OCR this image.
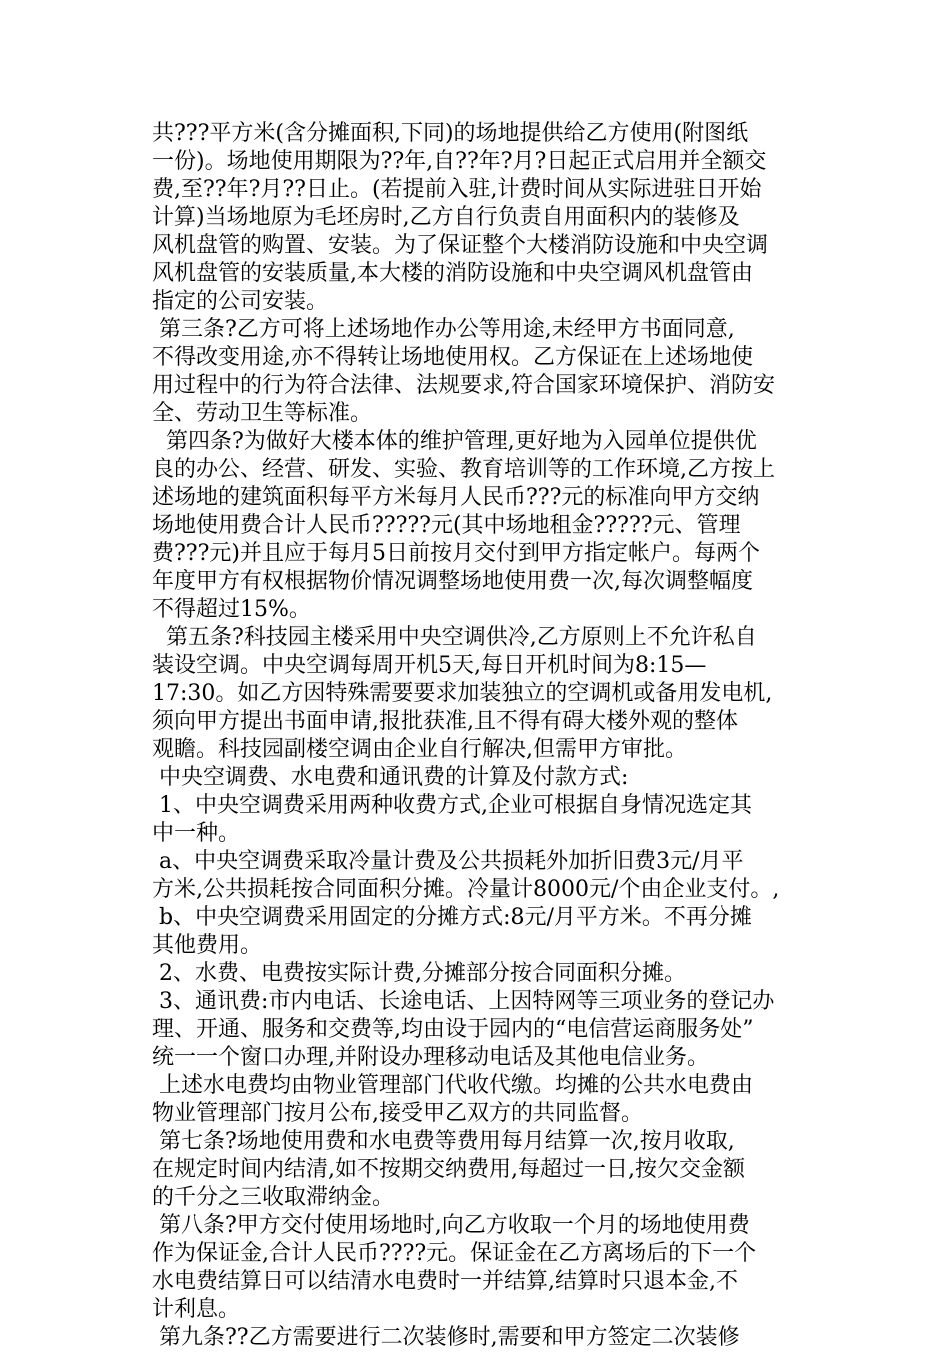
共???平方米(含分摊面积,下同)的场地提供给乙方使用(附图纸
一份)。场地使用期限为??年,自??年?月?日起正式启用并全额交
费,至??年?月??日止。(若提前入驻,计费时间从实际进驻日开始
计算)当场地原为毛坯房时,乙方自行负责自用面积内的装修及
风机盘管的购置、安装。为了保证整个大楼消防设施和中央空调
风机盘管的安装质量,本大楼的消防设施和中央空调风机盘管由
指定的公司安装。
第三条?乙方可将上述场地作办公等用途,未经甲方书面同意,
不得改变用途,亦不得转让场地使用权。乙方保证在上述场地使
用过程中的行为符合法律、法规要求,符合国家环境保护、消防安
全、劳动卫生等标准。
第四条?为做好大楼本体的维护管理,更好地为入园单位提供优
良的办公、经营、研发、实验、教育培训等的工作环境,乙方按上
述场地的建筑面积每平方米每月人民币???元的标准向甲方交纳
场地使用费合计人民币?????元(其中场地租金?????元、管理
费???元)并且应于每月5日前按月交付到甲方指定帐户。每两个
年度甲方有权根据物价情况调整场地使用费一次,每次调整幅度
不得超过15%。
第五条?科技园主楼采用中央空调供冷,乙方原则上不允许私自
装设空调。中央空调每周开机5天,每日开机时间为8:15—
17:30。如乙方因特殊需要要求加装独立的空调机或备用发电机,
须向甲方提出书面申请,报批获准,且不得有碍大楼外观的整体
观瞻。科技园副楼空调由企业自行解决,但需甲方审批。
中央空调费、水电费和通讯费的计算及付款方式:
1、中央空调费采用两种收费方式,企业可根据自身情况选定其
中一种。
a、中央空调费采取冷量计费及公共损耗外加折旧费3元/月平
方米,公共损耗按合同面积分摊。冷量计8000元/个由企业支付。,
b、中央空调费采用固定的分摊方式:8元/月平方米。不再分摊
其他费用。
2、水费、电费按实际计费,分摊部分按合同面积分摊。
3、通讯费:市内电话、长途电话、上因特网等三项业务的登记办
理、开通、服务和交费等,均由设于园内的“电信营运商服务处”
统一一个窗口办理,并附设办理移动电话及其他电信业务。
上述水电费均由物业管理部门代收代缴。均摊的公共水电费由
物业管理部门按月公布,接受甲乙双方的共同监督。
第七条?场地使用费和水电费等费用每月结算一次,按月收取,
在规定时间内结清,如不按期交纳费用,每超过一日,按欠交金额
的千分之三收取滞纳金。
第八条?甲方交付使用场地时,向乙方收取一个月的场地使用费
作为保证金,合计人民币????元。保证金在乙方离场后的下一个
水电费结算日可以结清水电费时一并结算,结算时只退本金,不
计利息。
第九条??乙方需要进行二次装修时,需要和甲方签定二次装修
